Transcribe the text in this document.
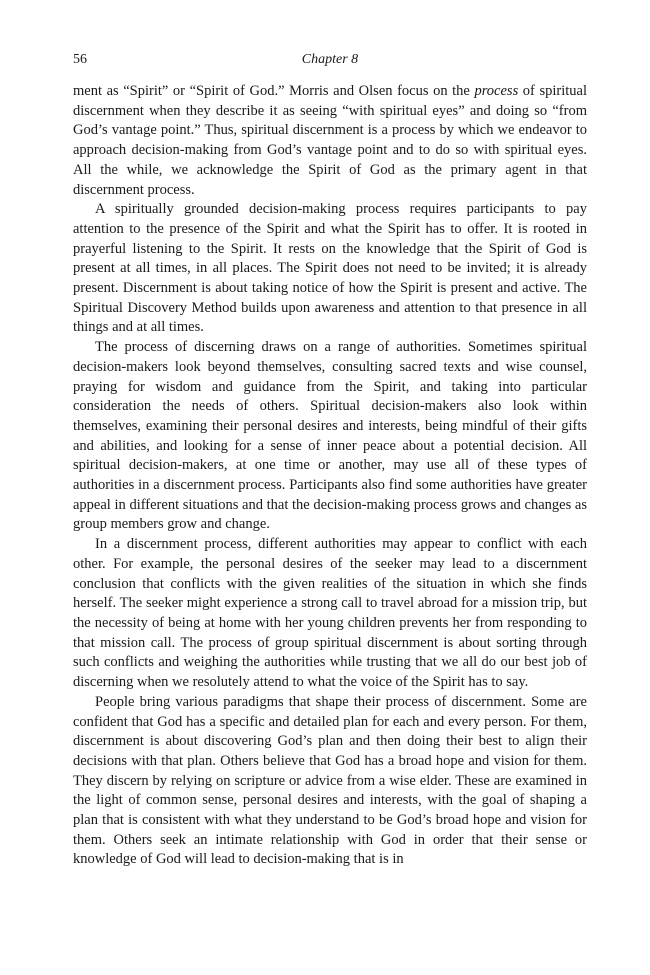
56	Chapter 8

ment as “Spirit” or “Spirit of God.” Morris and Olsen focus on the process of spiritual discernment when they describe it as seeing “with spiritual eyes” and doing so “from God’s vantage point.” Thus, spiritual discernment is a process by which we endeavor to approach decision-making from God’s vantage point and to do so with spiritual eyes. All the while, we acknowledge the Spirit of God as the primary agent in that discernment process.

A spiritually grounded decision-making process requires participants to pay attention to the presence of the Spirit and what the Spirit has to offer. It is rooted in prayerful listening to the Spirit. It rests on the knowledge that the Spirit of God is present at all times, in all places. The Spirit does not need to be invited; it is already present. Discernment is about taking notice of how the Spirit is present and active. The Spiritual Discovery Method builds upon awareness and attention to that presence in all things and at all times.

The process of discerning draws on a range of authorities. Sometimes spiritual decision-makers look beyond themselves, consulting sacred texts and wise counsel, praying for wisdom and guidance from the Spirit, and taking into particular consideration the needs of others. Spiritual decision-makers also look within themselves, examining their personal desires and interests, being mindful of their gifts and abilities, and looking for a sense of inner peace about a potential decision. All spiritual decision-makers, at one time or another, may use all of these types of authorities in a discernment process. Participants also find some authorities have greater appeal in different situations and that the decision-making process grows and changes as group members grow and change.

In a discernment process, different authorities may appear to conflict with each other. For example, the personal desires of the seeker may lead to a discernment conclusion that conflicts with the given realities of the situation in which she finds herself. The seeker might experience a strong call to travel abroad for a mission trip, but the necessity of being at home with her young children prevents her from responding to that mission call. The process of group spiritual discernment is about sorting through such conflicts and weighing the authorities while trusting that we all do our best job of discerning when we resolutely attend to what the voice of the Spirit has to say.

People bring various paradigms that shape their process of discernment. Some are confident that God has a specific and detailed plan for each and every person. For them, discernment is about discovering God’s plan and then doing their best to align their decisions with that plan. Others believe that God has a broad hope and vision for them. They discern by relying on scripture or advice from a wise elder. These are examined in the light of common sense, personal desires and interests, with the goal of shaping a plan that is consistent with what they understand to be God’s broad hope and vision for them. Others seek an intimate relationship with God in order that their sense or knowledge of God will lead to decision-making that is in
